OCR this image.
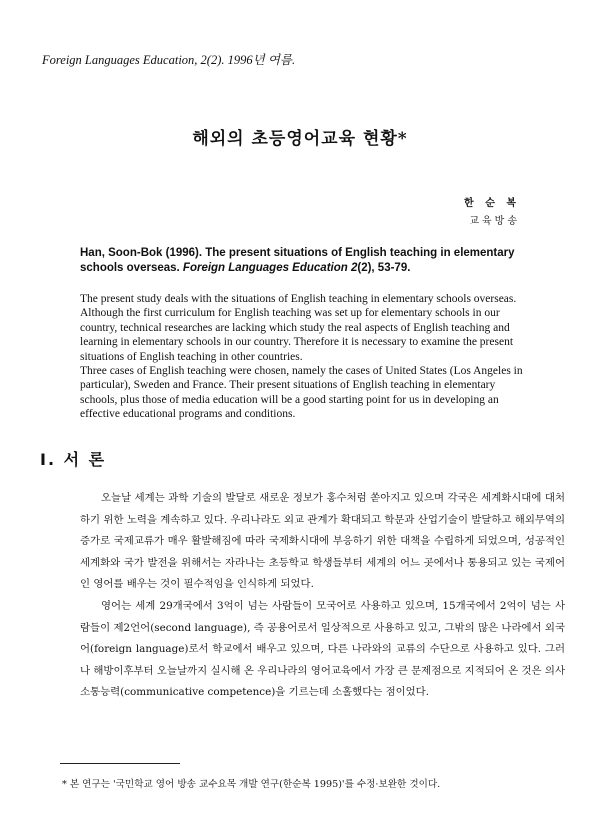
Foreign Languages Education, 2(2). 1996년 여름.
해외의 초등영어교육 현황*
한 순 복
교육방송
Han, Soon-Bok (1996). The present situations of English teaching in elementary schools overseas. Foreign Languages Education 2(2), 53-79.

The present study deals with the situations of English teaching in elementary schools overseas. Although the first curriculum for English teaching was set up for elementary schools in our country, technical researches are lacking which study the real aspects of English teaching and learning in elementary schools in our country. Therefore it is necessary to examine the present situations of English teaching in other countries.

Three cases of English teaching were chosen, namely the cases of United States (Los Angeles in particular), Sweden and France. Their present situations of English teaching in elementary schools, plus those of media education will be a good starting point for us in developing an effective educational programs and conditions.

I. 서 론

오늘날 세계는 과학 기술의 발달로 새로운 정보가 홍수처럼 쏟아지고 있으며 각국은 세계화시대에 대처하기 위한 노력을 계속하고 있다. 우리나라도 외교 관계가 확대되고 학문과 산업기술이 발달하고 해외무역의 증가로 국제교류가 매우 활발해짐에 따라 국제화시대에 부응하기 위한 대책을 수립하게 되었으며, 성공적인 세계화와 국가 발전을 위해서는 자라나는 초등학교 학생들부터 세계의 어느 곳에서나 통용되고 있는 국제어인 영어를 배우는 것이 필수적임을 인식하게 되었다.

영어는 세계 29개국에서 3억이 넘는 사람들이 모국어로 사용하고 있으며, 15개국에서 2억이 넘는 사람들이 제2언어(second language), 즉 공용어로서 일상적으로 사용하고 있고, 그밖의 많은 나라에서 외국어(foreign language)로서 학교에서 배우고 있으며, 다른 나라와의 교류의 수단으로 사용하고 있다. 그러나 해방이후부터 오늘날까지 실시해 온 우리나라의 영어교육에서 가장 큰 문제점으로 지적되어 온 것은 의사소통능력(communicative competence)을 기르는데 소홀했다는 점이었다.

* 본 연구는 '국민학교 영어 방송 교수요목 개발 연구(한순복 1995)'를 수정·보완한 것이다.
